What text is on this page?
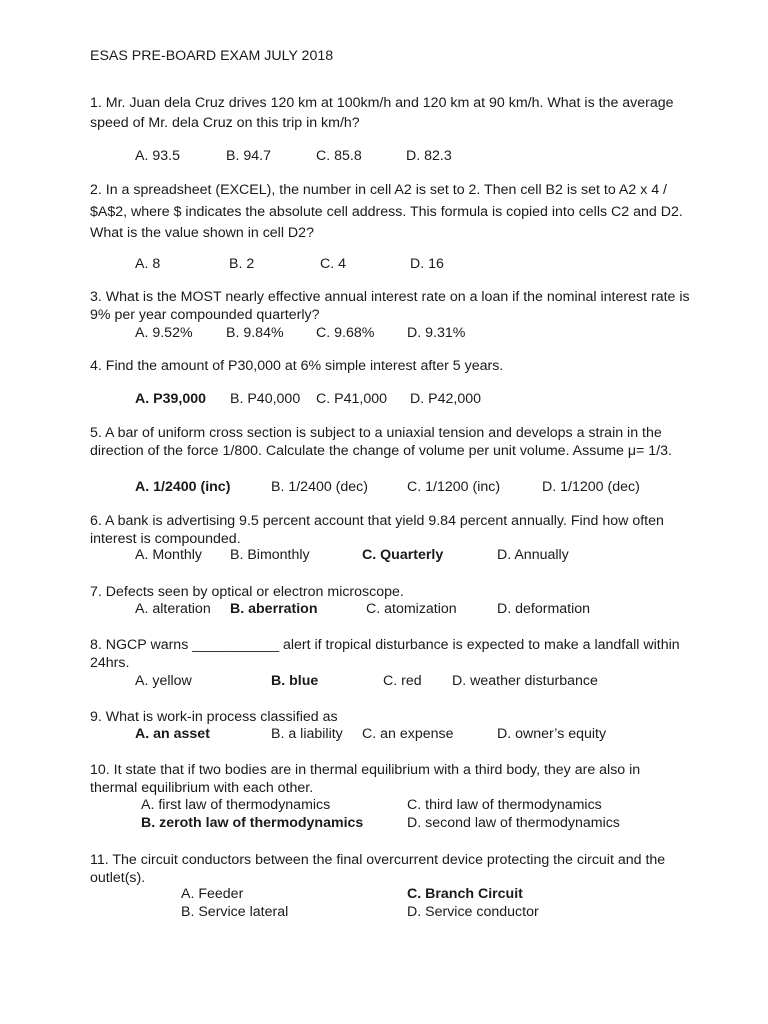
ESAS PRE-BOARD EXAM JULY 2018
1. Mr. Juan dela Cruz drives 120 km at 100km/h and 120 km at 90 km/h. What is the average speed of Mr. dela Cruz on this trip in km/h?
A. 93.5	B. 94.7	C. 85.8	D. 82.3
2. In a spreadsheet (EXCEL), the number in cell A2 is set to 2. Then cell B2 is set to A2 x 4 / $A$2, where $ indicates the absolute cell address. This formula is copied into cells C2 and D2. What is the value shown in cell D2?
A. 8	B. 2	C. 4	D. 16
3. What is the MOST nearly effective annual interest rate on a loan if the nominal interest rate is 9% per year compounded quarterly?
A. 9.52% B. 9.84% C. 9.68% D. 9.31%
4. Find the amount of P30,000 at 6% simple interest after 5 years.
A. P39,000 B. P40,000 C. P41,000 D. P42,000
5. A bar of uniform cross section is subject to a uniaxial tension and develops a strain in the direction of the force 1/800. Calculate the change of volume per unit volume. Assume μ= 1/3.
A. 1/2400 (inc)	B. 1/2400 (dec)	C. 1/1200 (inc)	D. 1/1200 (dec)
6. A bank is advertising 9.5 percent account that yield 9.84 percent annually. Find how often interest is compounded.
A. Monthly B. Bimonthly	C. Quarterly	D. Annually
7. Defects seen by optical or electron microscope.
A. alteration B. aberration	C. atomization	D. deformation
8. NGCP warns ___________ alert if tropical disturbance is expected to make a landfall within 24hrs.
A. yellow	B. blue	C. red D. weather disturbance
9. What is work-in process classified as
A. an asset	B. a liability C. an expense	D. owner’s equity
10. It state that if two bodies are in thermal equilibrium with a third body, they are also in thermal equilibrium with each other.
A. first law of thermodynamics	C. third law of thermodynamics
B. zeroth law of thermodynamics	D. second law of thermodynamics
11. The circuit conductors between the final overcurrent device protecting the circuit and the outlet(s).
A. Feeder	C. Branch Circuit
B. Service lateral	D. Service conductor
